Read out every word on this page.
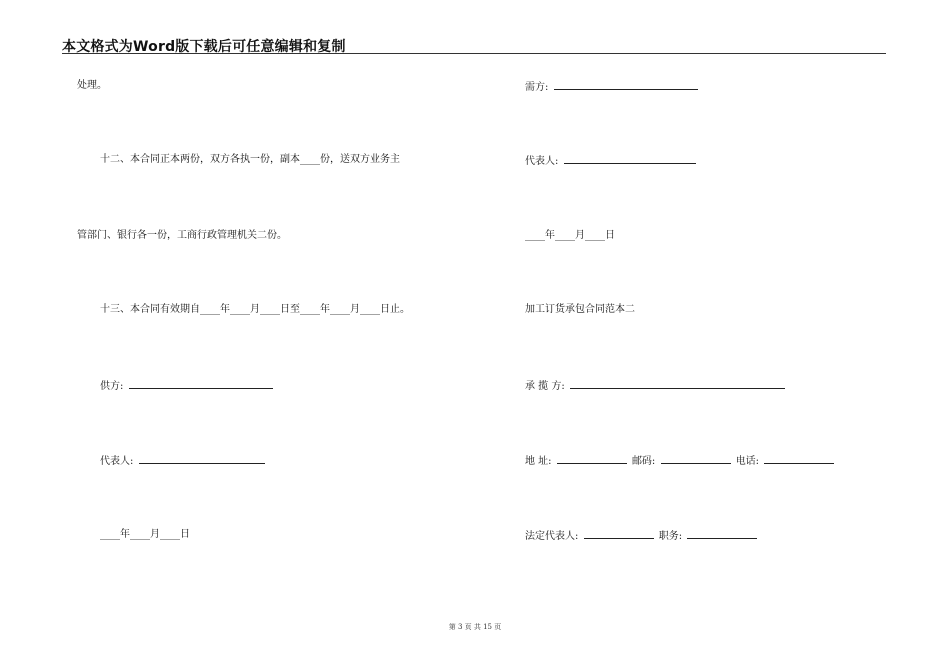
本文格式为Word版下载后可任意编辑和复制
处理。
十二、本合同正本两份，双方各执一份，副本____份，送双方业务主
管部门、银行各一份，工商行政管理机关二份。
十三、本合同有效期自____年____月____日至____年____月____日止。
供方:
代表人:
____年____月____日
需方:
代表人:
____年____月____日
加工订货承包合同范本二
承 揽 方:
地 址:	邮码:	电话:
法定代表人:	职务:
第 3 页 共 15 页
